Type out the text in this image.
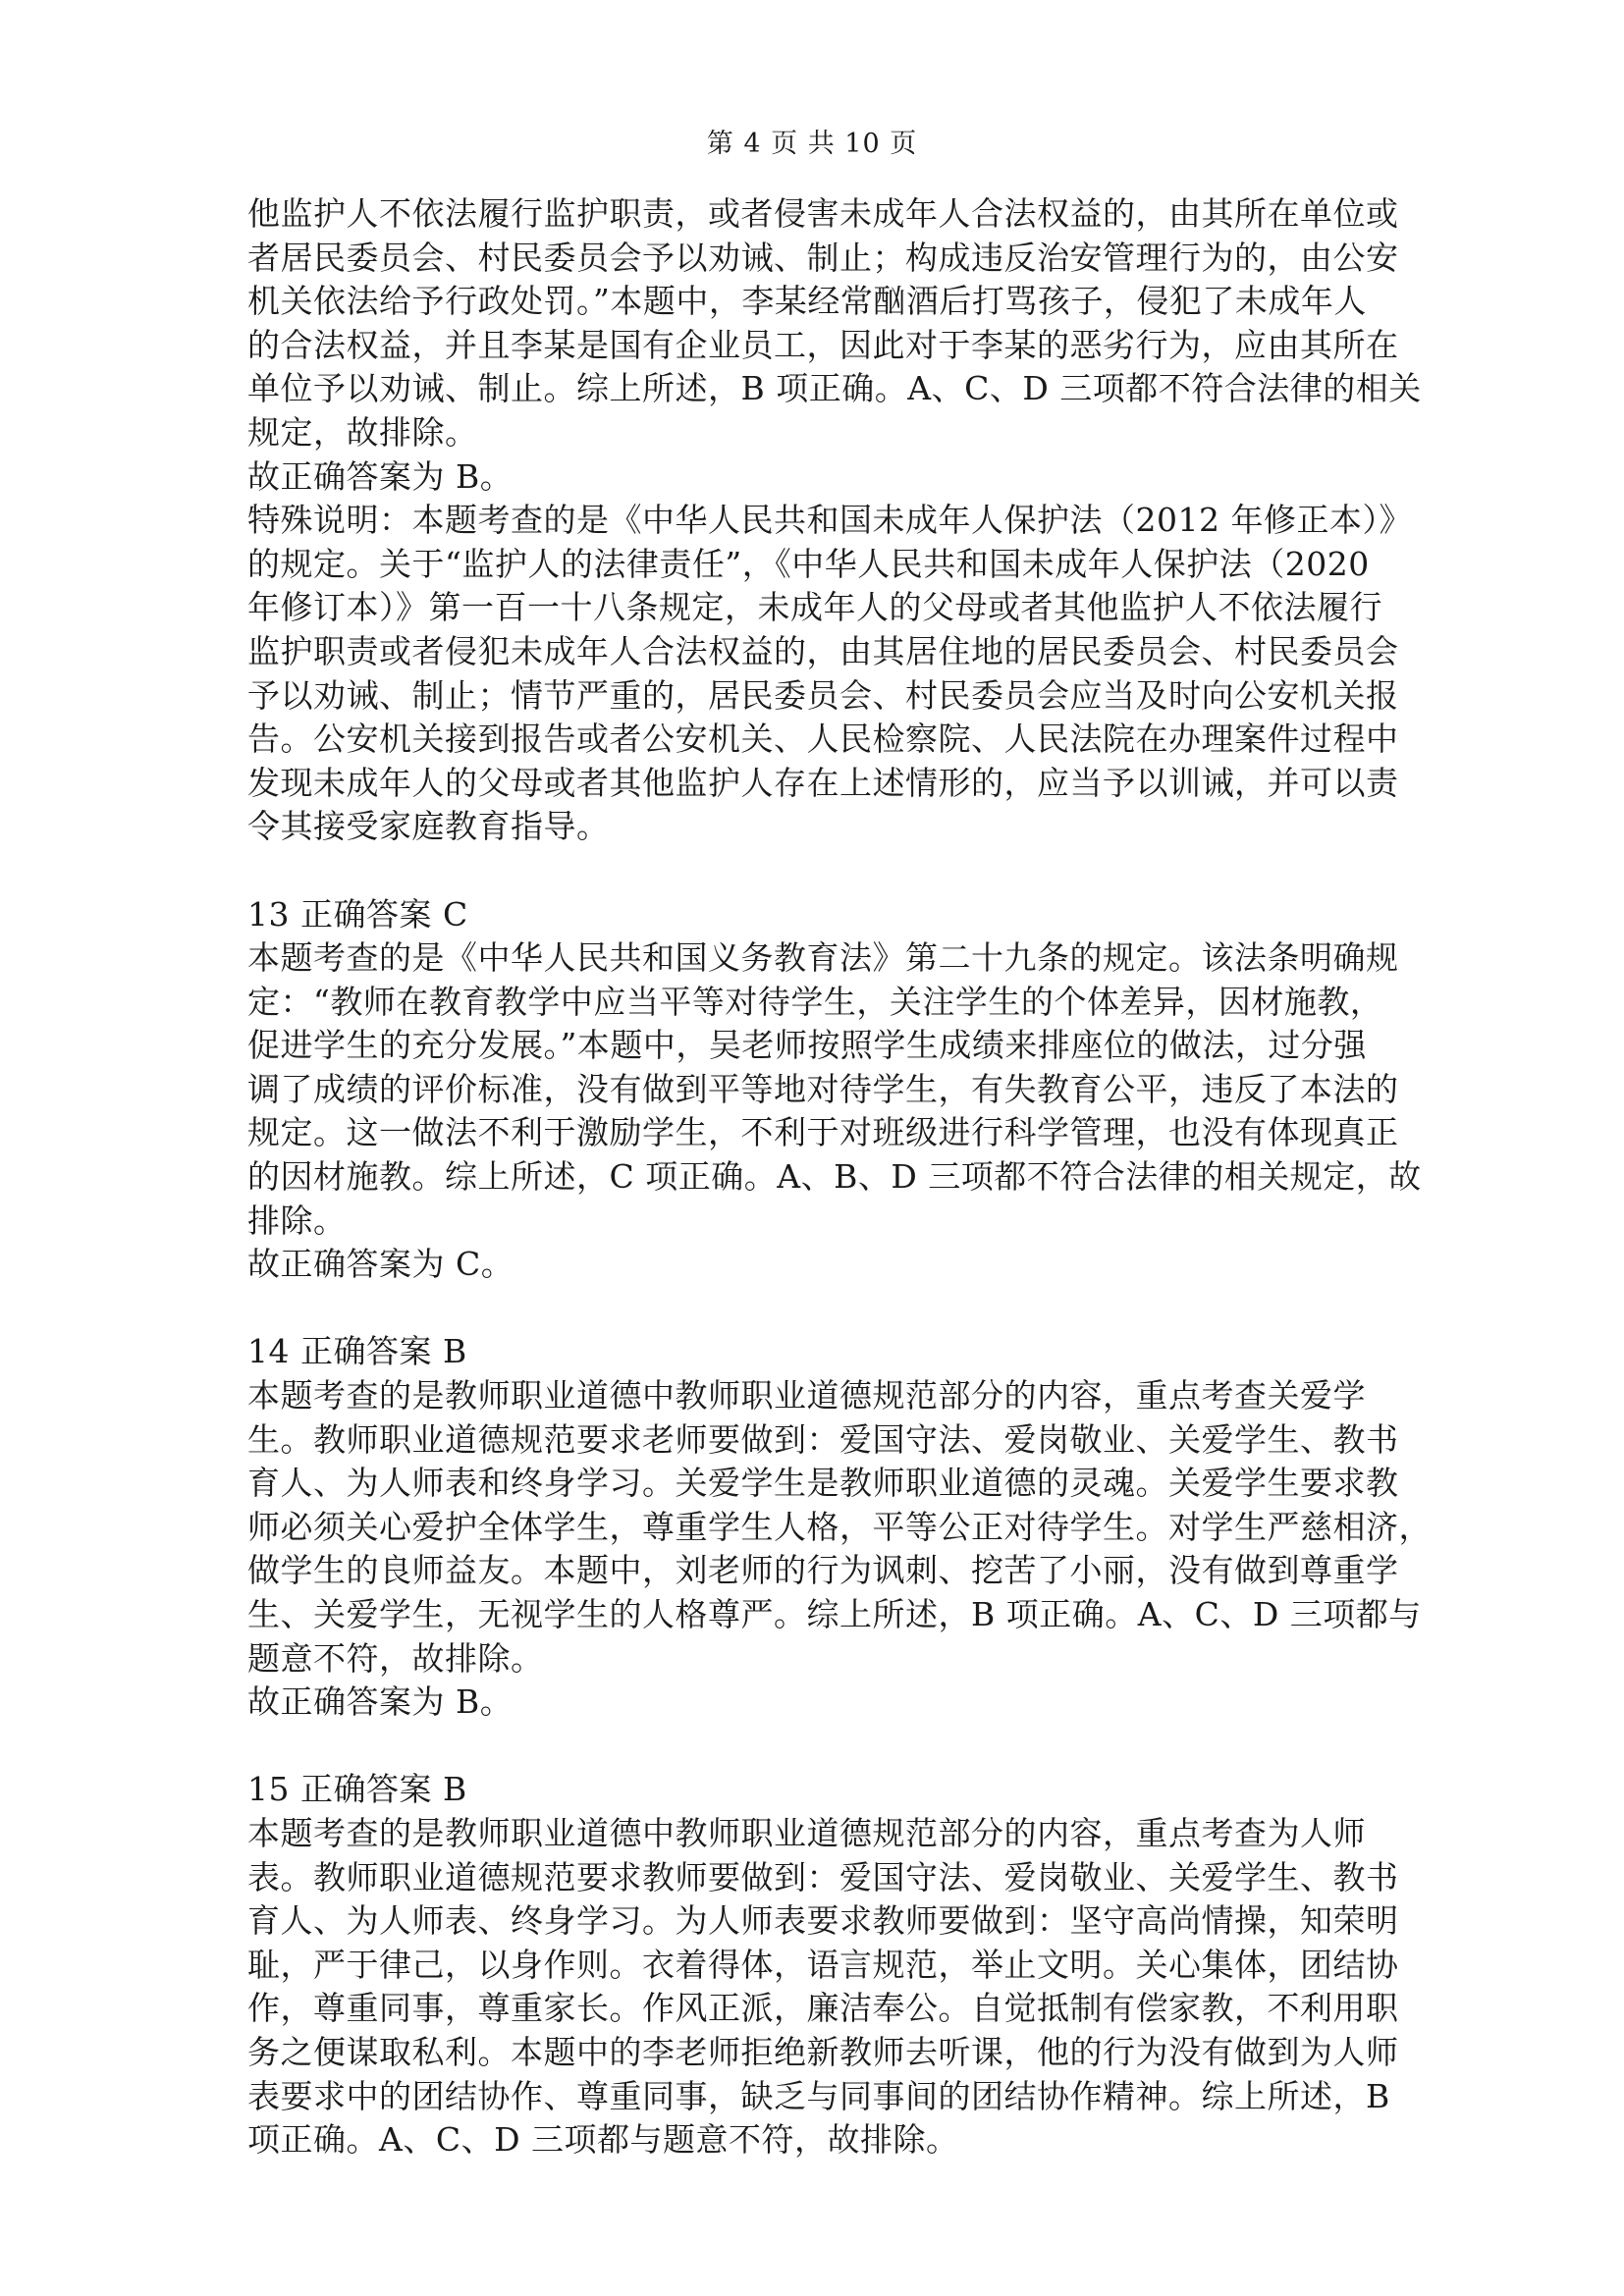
第 4 页 共 10 页
他监护人不依法履行监护职责，或者侵害未成年人合法权益的，由其所在单位或
者居民委员会、村民委员会予以劝诫、制止；构成违反治安管理行为的，由公安
机关依法给予行政处罚。”本题中，李某经常酗酒后打骂孩子，侵犯了未成年人
的合法权益，并且李某是国有企业员工，因此对于李某的恶劣行为，应由其所在
单位予以劝诫、制止。综上所述，B 项正确。A、C、D 三项都不符合法律的相关
规定，故排除。
故正确答案为 B。
特殊说明：本题考查的是《中华人民共和国未成年人保护法（2012 年修正本）》
的规定。关于“监护人的法律责任”，《中华人民共和国未成年人保护法（2020
年修订本）》第一百一十八条规定，未成年人的父母或者其他监护人不依法履行
监护职责或者侵犯未成年人合法权益的，由其居住地的居民委员会、村民委员会
予以劝诫、制止；情节严重的，居民委员会、村民委员会应当及时向公安机关报
告。公安机关接到报告或者公安机关、人民检察院、人民法院在办理案件过程中
发现未成年人的父母或者其他监护人存在上述情形的，应当予以训诫，并可以责
令其接受家庭教育指导。
13 正确答案 C
本题考查的是《中华人民共和国义务教育法》第二十九条的规定。该法条明确规
定：“教师在教育教学中应当平等对待学生，关注学生的个体差异，因材施教，
促进学生的充分发展。”本题中，吴老师按照学生成绩来排座位的做法，过分强
调了成绩的评价标准，没有做到平等地对待学生，有失教育公平，违反了本法的
规定。这一做法不利于激励学生，不利于对班级进行科学管理，也没有体现真正
的因材施教。综上所述，C 项正确。A、B、D 三项都不符合法律的相关规定，故
排除。
故正确答案为 C。
14 正确答案 B
本题考查的是教师职业道德中教师职业道德规范部分的内容，重点考查关爱学
生。教师职业道德规范要求老师要做到：爱国守法、爱岗敬业、关爱学生、教书
育人、为人师表和终身学习。关爱学生是教师职业道德的灵魂。关爱学生要求教
师必须关心爱护全体学生，尊重学生人格，平等公正对待学生。对学生严慈相济，
做学生的良师益友。本题中，刘老师的行为讽刺、挖苦了小丽，没有做到尊重学
生、关爱学生，无视学生的人格尊严。综上所述，B 项正确。A、C、D 三项都与
题意不符，故排除。
故正确答案为 B。
15 正确答案 B
本题考查的是教师职业道德中教师职业道德规范部分的内容，重点考查为人师
表。教师职业道德规范要求教师要做到：爱国守法、爱岗敬业、关爱学生、教书
育人、为人师表、终身学习。为人师表要求教师要做到：坚守高尚情操，知荣明
耻，严于律己，以身作则。衣着得体，语言规范，举止文明。关心集体，团结协
作，尊重同事，尊重家长。作风正派，廉洁奉公。自觉抵制有偿家教，不利用职
务之便谋取私利。本题中的李老师拒绝新教师去听课，他的行为没有做到为人师
表要求中的团结协作、尊重同事，缺乏与同事间的团结协作精神。综上所述，B
项正确。A、C、D 三项都与题意不符，故排除。
